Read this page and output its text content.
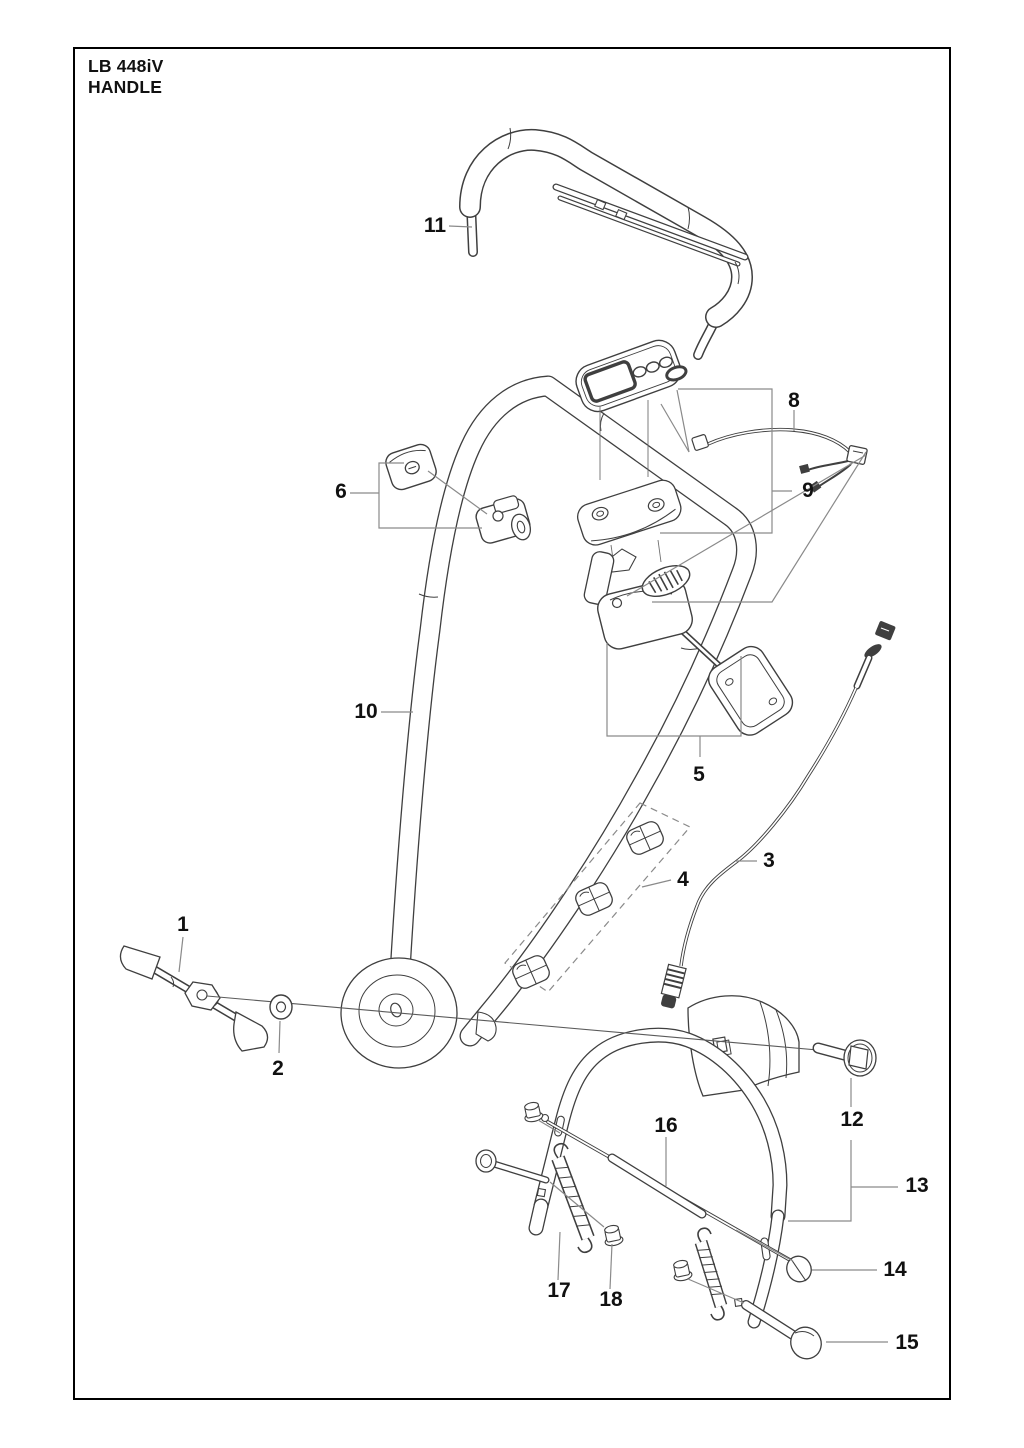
LB 448iV
HANDLE
1
2
3
4
5
6
8
9
10
11
12
13
14
15
16
17 18
